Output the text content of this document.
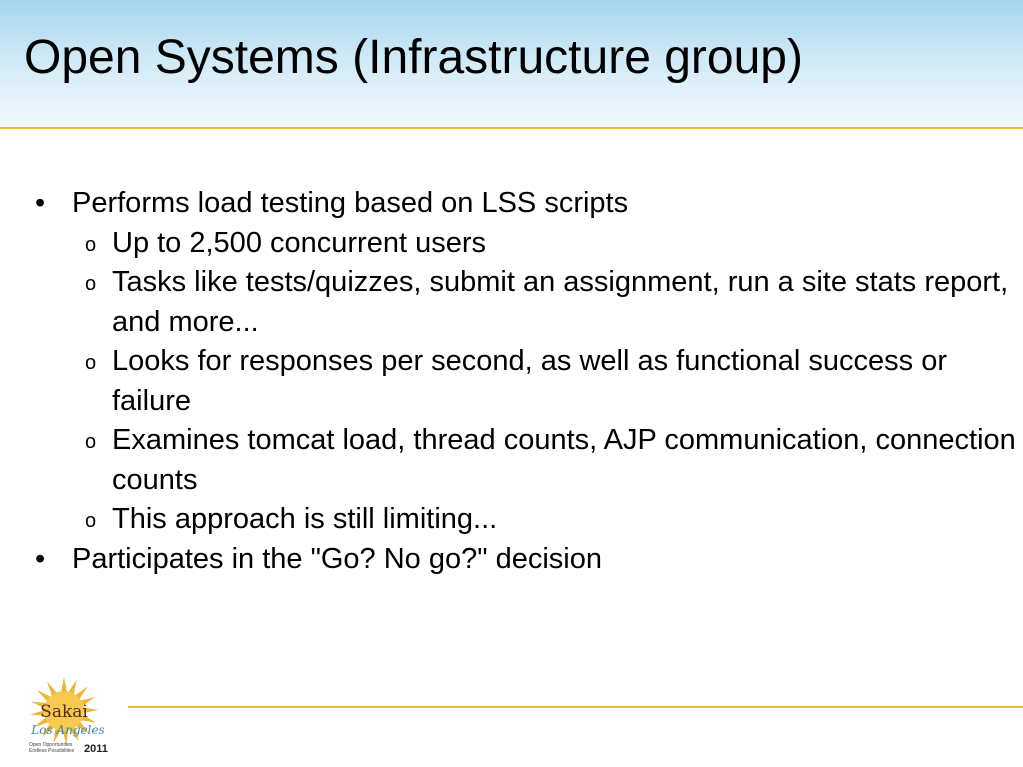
Open Systems (Infrastructure group)
• Performs load testing based on LSS scripts
o Up to 2,500 concurrent users
o Tasks like tests/quizzes, submit an assignment, run a site stats report, and more...
o Looks for responses per second, as well as functional success or failure
o Examines tomcat load, thread counts, AJP communication, connection counts
o This approach is still limiting...
• Participates in the "Go? No go?" decision
Sakai
Los Angeles
Open Opportunities
Endless Possibilities 2011
